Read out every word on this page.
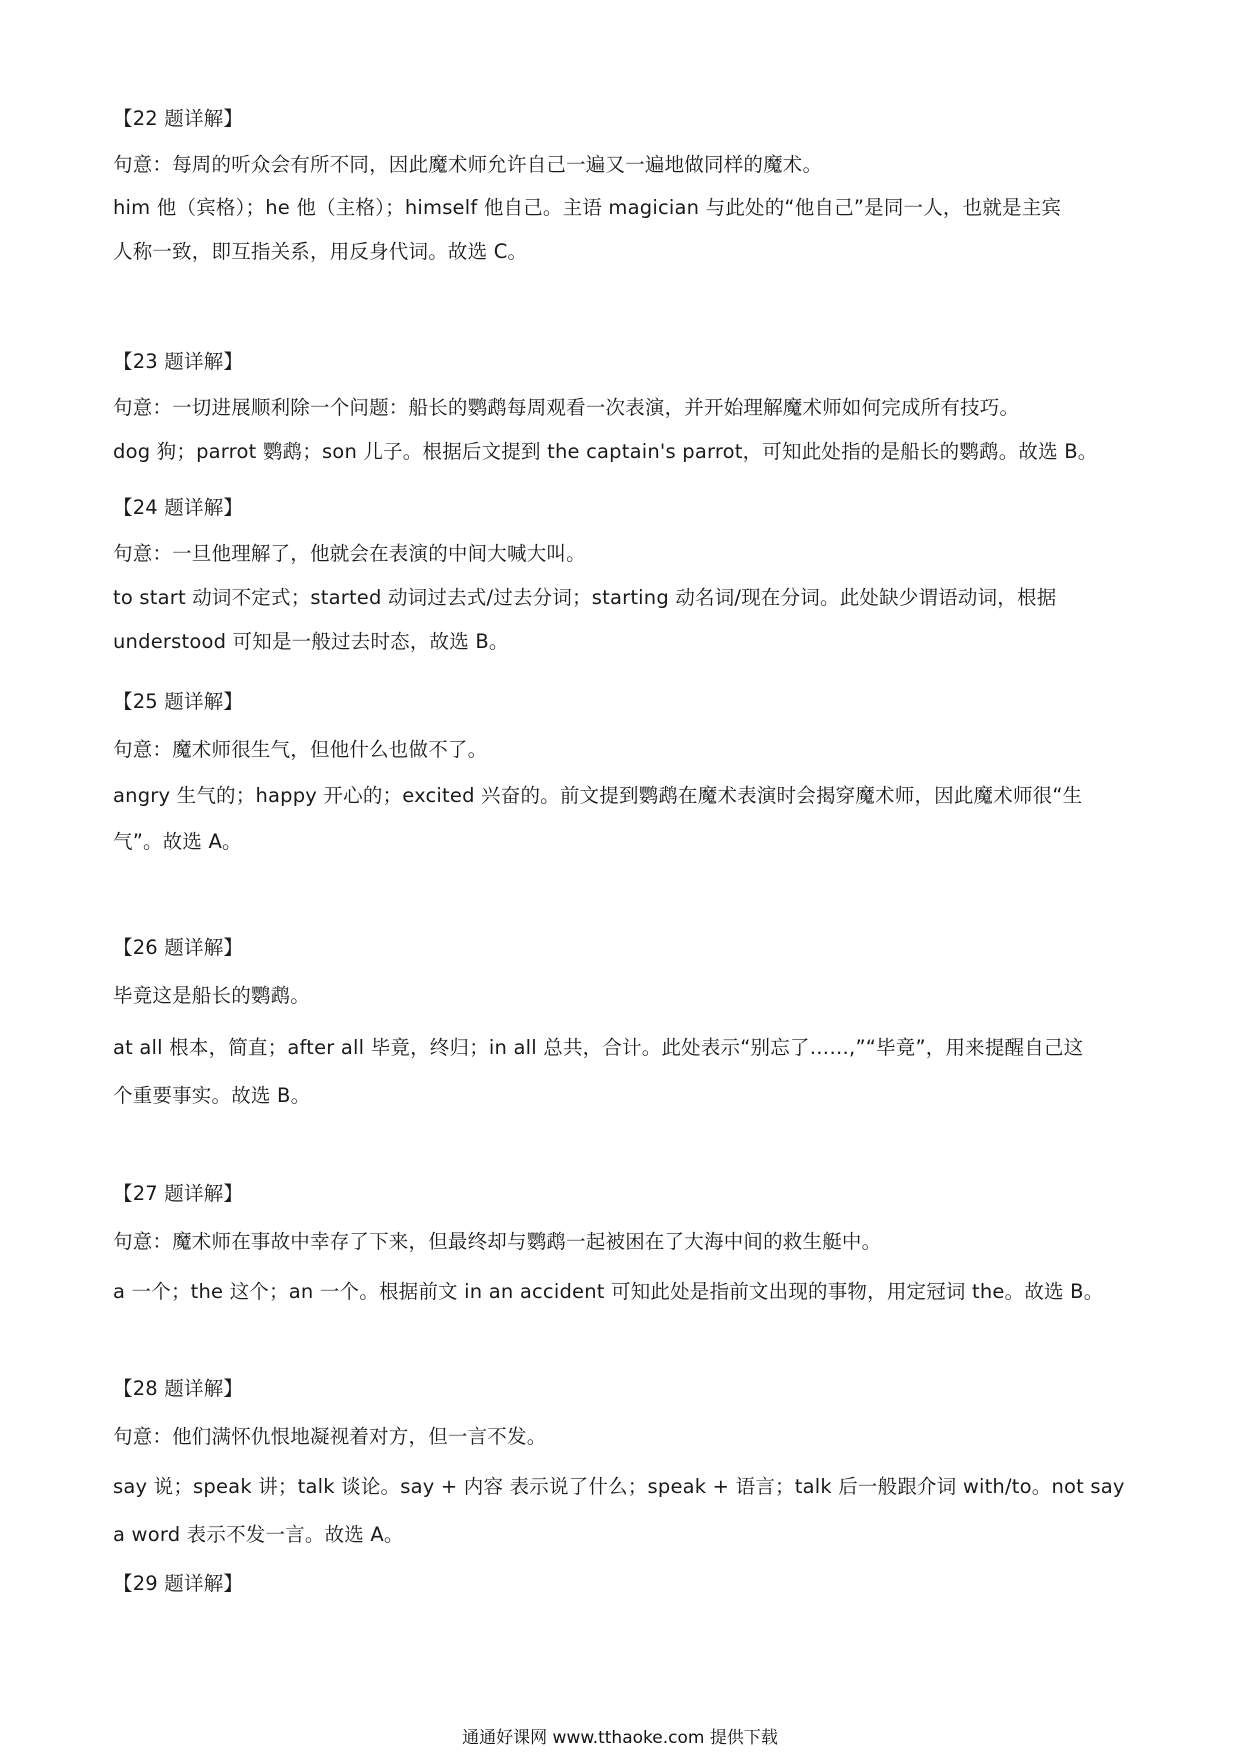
【22 题详解】
句意：每周的听众会有所不同，因此魔术师允许自己一遍又一遍地做同样的魔术。
him 他（宾格）；he 他（主格）；himself 他自己。主语 magician 与此处的“他自己”是同一人，也就是主宾
人称一致，即互指关系，用反身代词。故选 C。
【23 题详解】
句意：一切进展顺利除一个问题：船长的鹦鹉每周观看一次表演，并开始理解魔术师如何完成所有技巧。
dog 狗；parrot 鹦鹉；son 儿子。根据后文提到 the captain's parrot，可知此处指的是船长的鹦鹉。故选 B。
【24 题详解】
句意：一旦他理解了，他就会在表演的中间大喊大叫。
to start 动词不定式；started 动词过去式/过去分词；starting 动名词/现在分词。此处缺少谓语动词，根据
understood 可知是一般过去时态，故选 B。
【25 题详解】
句意：魔术师很生气，但他什么也做不了。
angry 生气的；happy 开心的；excited 兴奋的。前文提到鹦鹉在魔术表演时会揭穿魔术师，因此魔术师很“生
气”。故选 A。
【26 题详解】
毕竟这是船长的鹦鹉。
at all 根本，简直；after all 毕竟，终归；in all 总共，合计。此处表示“别忘了……,”“毕竟”，用来提醒自己这
个重要事实。故选 B。
【27 题详解】
句意：魔术师在事故中幸存了下来，但最终却与鹦鹉一起被困在了大海中间的救生艇中。
a 一个；the 这个；an 一个。根据前文 in an accident 可知此处是指前文出现的事物，用定冠词 the。故选 B。
【28 题详解】
句意：他们满怀仇恨地凝视着对方，但一言不发。
say 说；speak 讲；talk 谈论。say + 内容 表示说了什么；speak + 语言；talk 后一般跟介词 with/to。not say
a word 表示不发一言。故选 A。
【29 题详解】
通通好课网 www.tthaoke.com 提供下载
